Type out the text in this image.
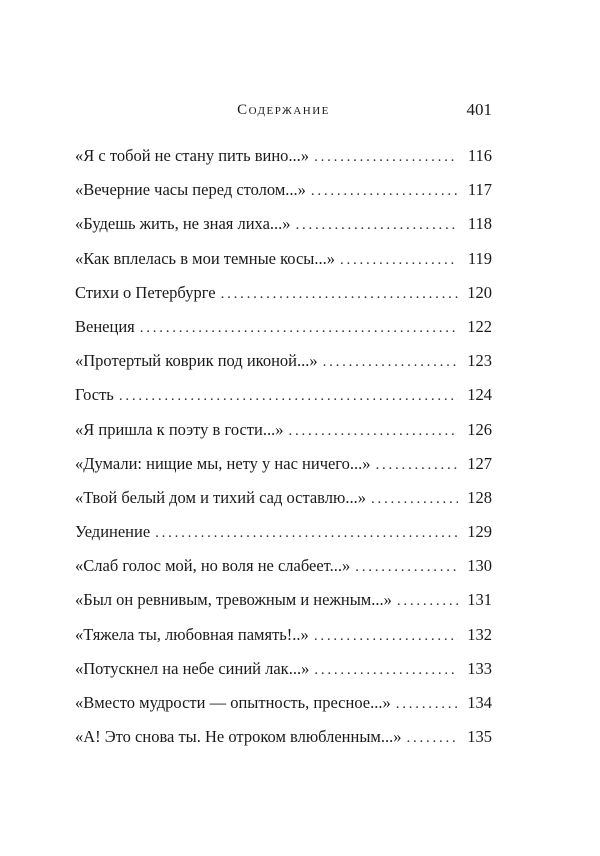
Содержание	401
«Я с тобой не стану пить вино...» . . .	116
«Вечерние часы перед столом...» . . .	117
«Будешь жить, не зная лиха...» . . .	118
«Как вплелась в мои темные косы...» . . .	119
Стихи о Петербурге . . .	120
Венеция . . .	122
«Протертый коврик под иконой...» . . .	123
Гость . . .	124
«Я пришла к поэту в гости...» . . .	126
«Думали: нищие мы, нету у нас ничего...» . . .	127
«Твой белый дом и тихий сад оставлю...» . . .	128
Уединение . . .	129
«Слаб голос мой, но воля не слабеет...» . . .	130
«Был он ревнивым, тревожным и нежным...» . . .	131
«Тяжела ты, любовная память!..» . . .	132
«Потускнел на небе синий лак...» . . .	133
«Вместо мудрости — опытность, пресное...» . . .	134
«А! Это снова ты. Не отроком влюбленным...» . . .	135
